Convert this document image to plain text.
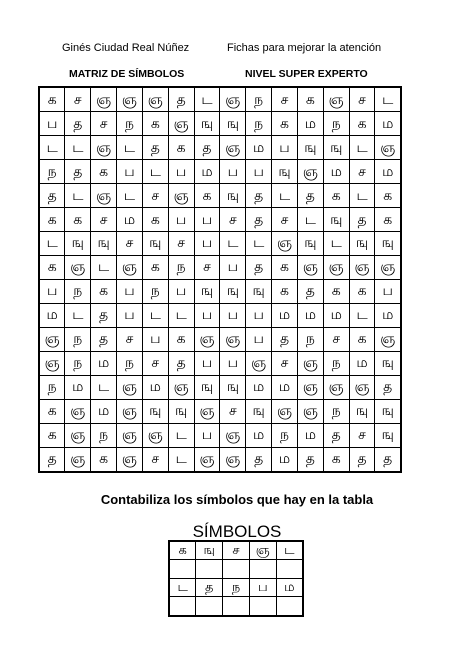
Ginés Ciudad Real Núñez	Fichas para mejorar la atención
MATRIZ DE SÍMBOLOS	NIVEL SUPER EXPERTO
க	ச	ஞ	ஞ	ஞ	த	ட	ஞ	ந	ச	க	ஞ	ச	ட
ப	த	ச	ந	க	ஞ	ஙு	ஙு	ந	க	ம	ந	க	ம
ட	ட	ஞ	ட	த	க	த	ஞ	ம	ப	ஙு	ஙு	ட	ஞ
ந	த	க	ப	ட	ப	ம	ப	ப	ஙு	ஞ	ம	ச	ம
த	ட	ஞ	ட	ச	ஞ	க	ஙு	த	ட	த	க	ட	க
க	க	ச	ம	க	ப	ப	ச	த	ச	ட	ஙு	த	க
ட	ஙு	ஙு	ச	ஙு	ச	ப	ட	ட	ஞ	ஙு	ட	ஙு	ஙு
க	ஞ	ட	ஞ	க	ந	ச	ப	த	க	ஞ	ஞ	ஞ	ஞ
ப	ந	க	ப	ந	ப	ஙு	ஙு	ஙு	க	த	க	க	ப
ம	ட	த	ப	ட	ட	ப	ப	ப	ம	ம	ம	ட	ம
ஞ	ந	த	ச	ப	க	ஞ	ஞ	ப	த	ந	ச	க	ஞ
ஞ	ந	ம	ந	ச	த	ப	ப	ஞ	ச	ஞ	ந	ம	ஙு
ந	ம	ட	ஞ	ம	ஞ	ஙு	ஙு	ம	ம	ஞ	ஞ	ஞ	த
க	ஞ	ம	ஞ	ஙு	ஙு	ஞ	ச	ஙு	ஞ	ஞ	ந	ஙு	ஙு
க	ஞ	ந	ஞ	ஞ	ட	ப	ஞ	ம	ந	ம	த	ச	ஙு
த	ஞ	க	ஞ	ச	ட	ஞ	ஞ	த	ம	த	க	த	த
Contabiliza los símbolos que hay en la tabla
SÍMBOLOS
க	ஙு	ச	ஞ	ட

ட	த	ந	ப	ம
